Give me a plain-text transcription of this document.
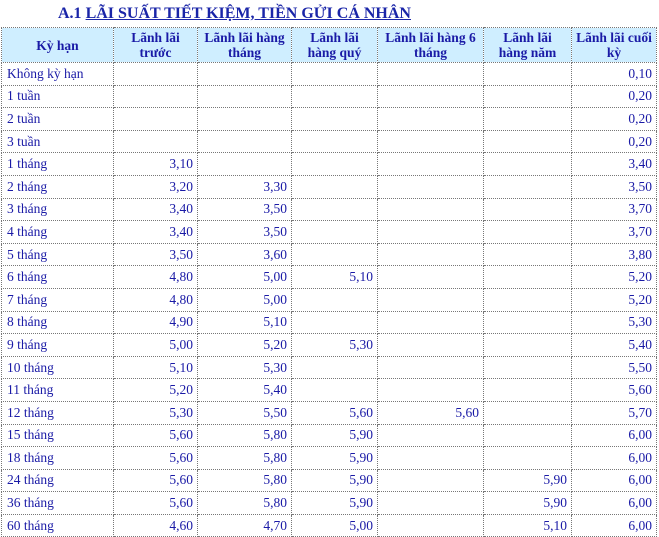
A.1 LÃI SUẤT TIẾT KIỆM, TIỀN GỬI CÁ NHÂN
Kỳ hạn	Lãnh lãi trước	Lãnh lãi hàng tháng	Lãnh lãi hàng quý	Lãnh lãi hàng 6 tháng	Lãnh lãi hàng năm	Lãnh lãi cuối kỳ
Không kỳ hạn						0,10
1 tuần						0,20
2 tuần						0,20
3 tuần						0,20
1 tháng	3,10					3,40
2 tháng	3,20	3,30				3,50
3 tháng	3,40	3,50				3,70
4 tháng	3,40	3,50				3,70
5 tháng	3,50	3,60				3,80
6 tháng	4,80	5,00	5,10			5,20
7 tháng	4,80	5,00				5,20
8 tháng	4,90	5,10				5,30
9 tháng	5,00	5,20	5,30			5,40
10 tháng	5,10	5,30				5,50
11 tháng	5,20	5,40				5,60
12 tháng	5,30	5,50	5,60	5,60		5,70
15 tháng	5,60	5,80	5,90			6,00
18 tháng	5,60	5,80	5,90			6,00
24 tháng	5,60	5,80	5,90		5,90	6,00
36 tháng	5,60	5,80	5,90		5,90	6,00
60 tháng	4,60	4,70	5,00		5,10	6,00
